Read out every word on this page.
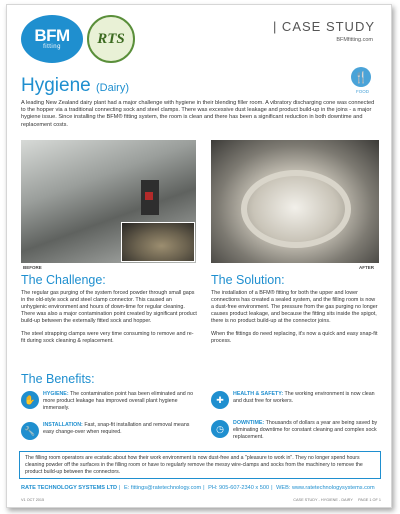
BFM
fitting
RTS
| CASE STUDY
BFMfitting.com
Hygiene (Dairy)
🍴
FOOD
A leading New Zealand dairy plant had a major challenge with hygiene in their blending filler room. A vibratory discharging cone was connected to the hopper via a traditional connecting sock and steel clamps. There was excessive dust leakage and product build-up in the joins - a major hygiene issue. Since installing the BFM® fitting system, the room is clean and there has been a significant reduction in both downtime and replacement costs.
BEFORE	AFTER
The Challenge:

The regular gas purging of the system forced powder through small gaps in the old-style sock and steel clamp connector. This caused an unhygienic environment and hours of down-time for regular cleaning. There was also a major contamination point created by significant product build-up between the externally fitted sock and hopper.

The steel strapping clamps were very time consuming to remove and re-fit during sock cleaning & replacement.

The Solution:

The installation of a BFM® fitting for both the upper and lower connections has created a sealed system, and the filling room is now a dust-free environment. The pressure from the gas purging no longer causes product leakage, and because the fitting sits inside the spigot, there is no product build-up at the connector joins.

When the fittings do need replacing, it's now a quick and easy snap-fit process.

The Benefits:
✋
HYGIENE: The contamination point has been eliminated and no more product leakage has improved overall plant hygiene immensely.
🔧
INSTALLATION: Fast, snap-fit installation and removal means easy change-over when required.
✚
HEALTH & SAFETY: The working environment is now clean and dust free for workers.
◷
DOWNTIME: Thousands of dollars a year are being saved by eliminating downtime for constant cleaning and complex sock replacement.
The filling room operators are ecstatic about how their work environment is now dust-free and a "pleasure to work in". They no longer spend hours cleaning powder off the surfaces in the filling room or have to regularly remove the messy wire-clamps and socks from the machinery to remove the product build-up between the connectors.
RATE TECHNOLOGY SYSTEMS LTD | E: fittings@ratetechnology.com | PH: 905-607-2340 x 500 | WEB: www.ratetechnologysystems.com
V1 OCT 2015	CASE STUDY - HYGIENE - DAIRY PAGE 1 OF 1
